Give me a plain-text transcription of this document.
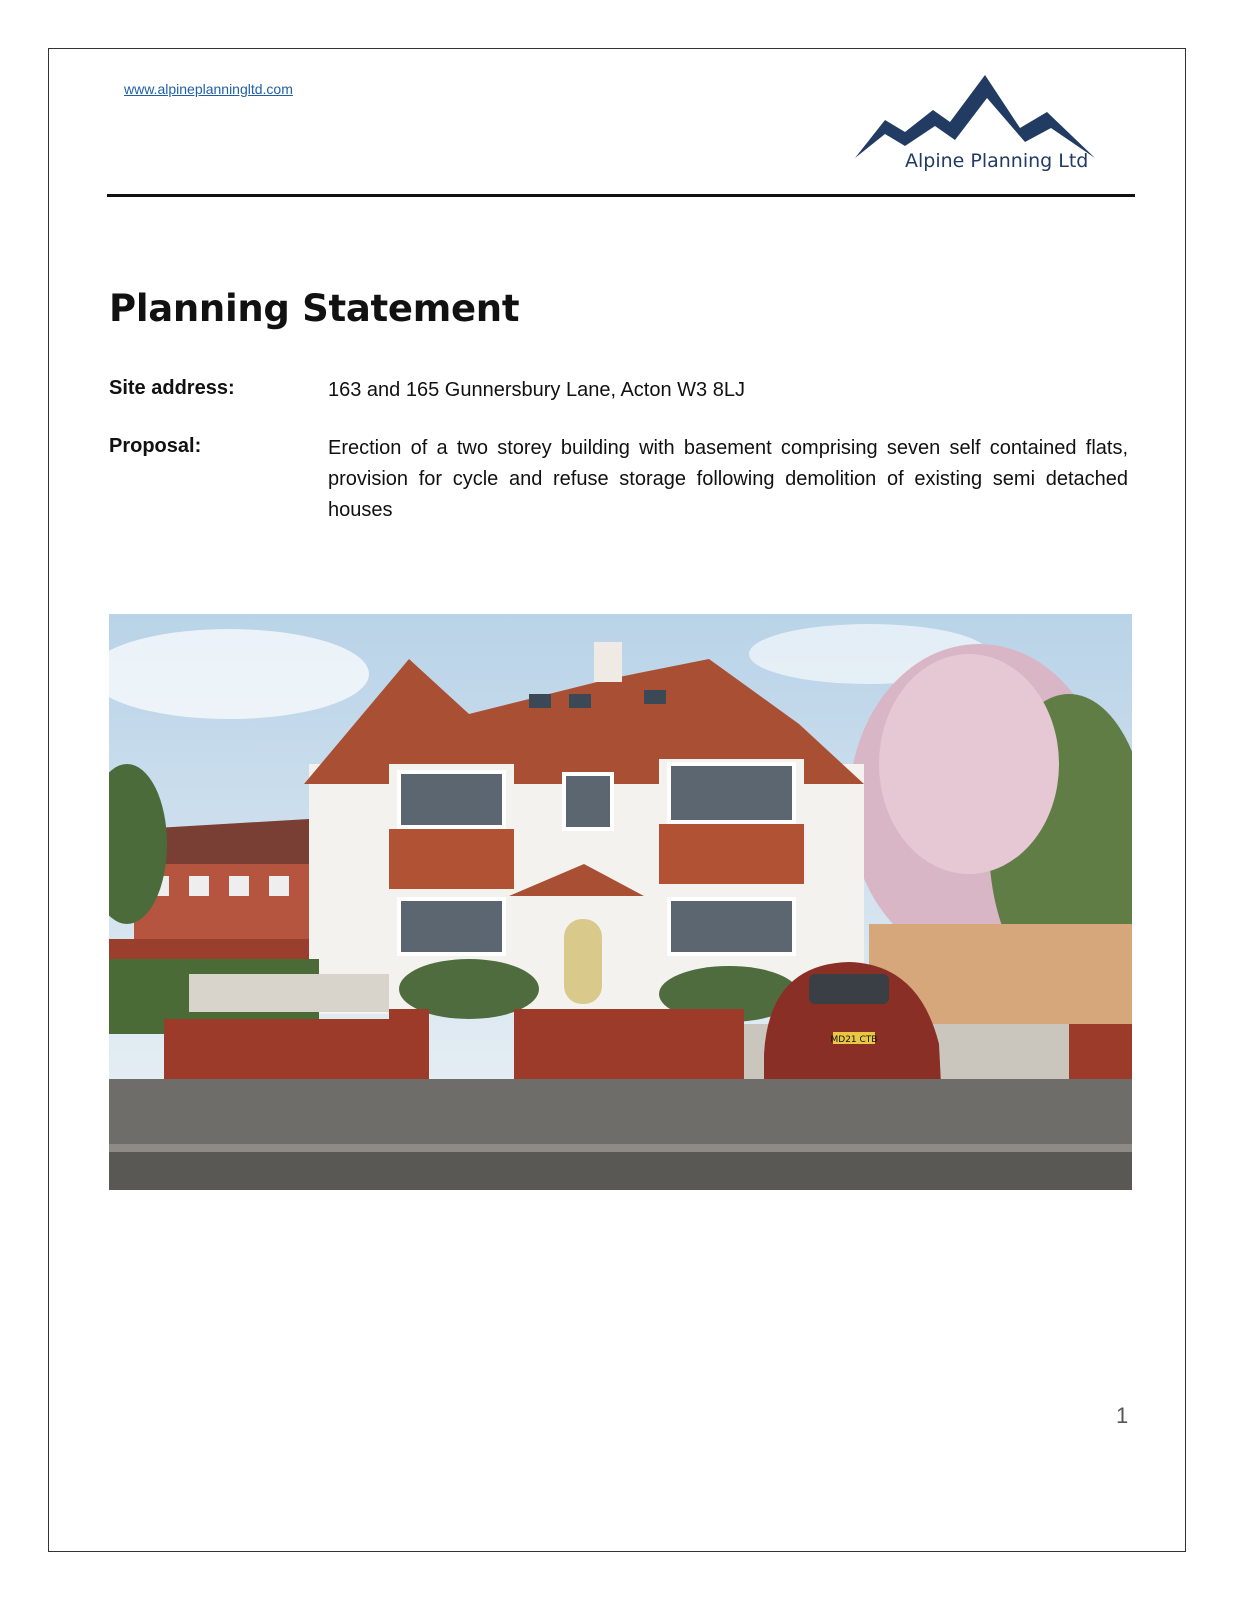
www.alpineplanningltd.com
Alpine Planning Ltd
Planning Statement
Site address:	163 and 165 Gunnersbury Lane, Acton W3 8LJ
Proposal:	Erection of a two storey building with basement comprising seven self contained flats, provision for cycle and refuse storage following demolition of existing semi detached houses
MD21 CTB
1
